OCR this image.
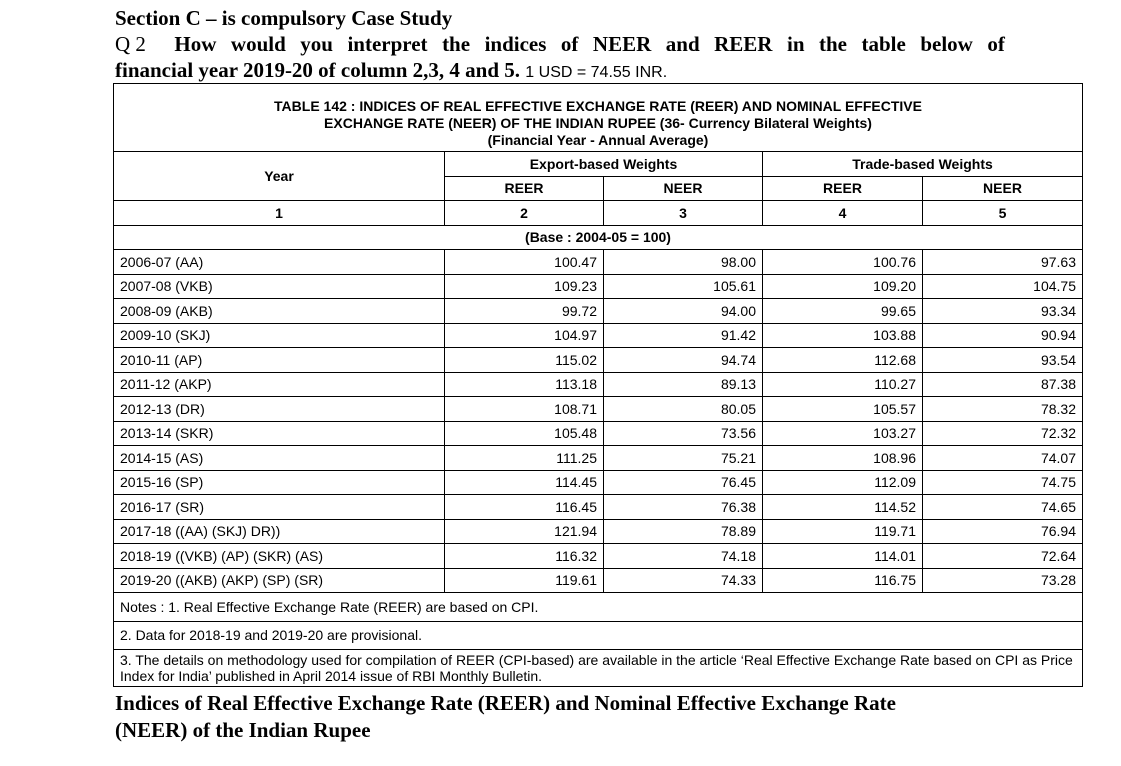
Section C – is compulsory Case Study
Q 2 How would you interpret the indices of NEER and REER in the table below of
financial year 2019-20 of column 2,3, 4 and 5. 1 USD = 74.55 INR.
TABLE 142 : INDICES OF REAL EFFECTIVE EXCHANGE RATE (REER) AND NOMINAL EFFECTIVE
EXCHANGE RATE (NEER) OF THE INDIAN RUPEE (36- Currency Bilateral Weights)
(Financial Year - Annual Average)				

Year	Export-based Weights		Trade-based Weights	
	REER	NEER	REER	NEER
1	2	3	4	5
(Base : 2004-05 = 100)				
2006-07 (AA)	100.47	98.00	100.76	97.63
2007-08 (VKB)	109.23	105.61	109.20	104.75
2008-09 (AKB)	99.72	94.00	99.65	93.34
2009-10 (SKJ)	104.97	91.42	103.88	90.94
2010-11 (AP)	115.02	94.74	112.68	93.54
2011-12 (AKP)	113.18	89.13	110.27	87.38
2012-13 (DR)	108.71	80.05	105.57	78.32
2013-14 (SKR)	105.48	73.56	103.27	72.32
2014-15 (AS)	111.25	75.21	108.96	74.07
2015-16 (SP)	114.45	76.45	112.09	74.75
2016-17 (SR)	116.45	76.38	114.52	74.65
2017-18 ((AA) (SKJ) DR))	121.94	78.89	119.71	76.94
2018-19 ((VKB) (AP) (SKR) (AS)	116.32	74.18	114.01	72.64
2019-20 ((AKB) (AKP) (SP) (SR)	119.61	74.33	116.75	73.28
Notes : 1. Real Effective Exchange Rate (REER) are based on CPI.				
2. Data for 2018-19 and 2019-20 are provisional.				
3. The details on methodology used for compilation of REER (CPI-based) are available in the article ‘Real Effective Exchange Rate based on CPI as Price Index for India’ published in April 2014 issue of RBI Monthly Bulletin.				
Indices of Real Effective Exchange Rate (REER) and Nominal Effective Exchange Rate
(NEER) of the Indian Rupee
